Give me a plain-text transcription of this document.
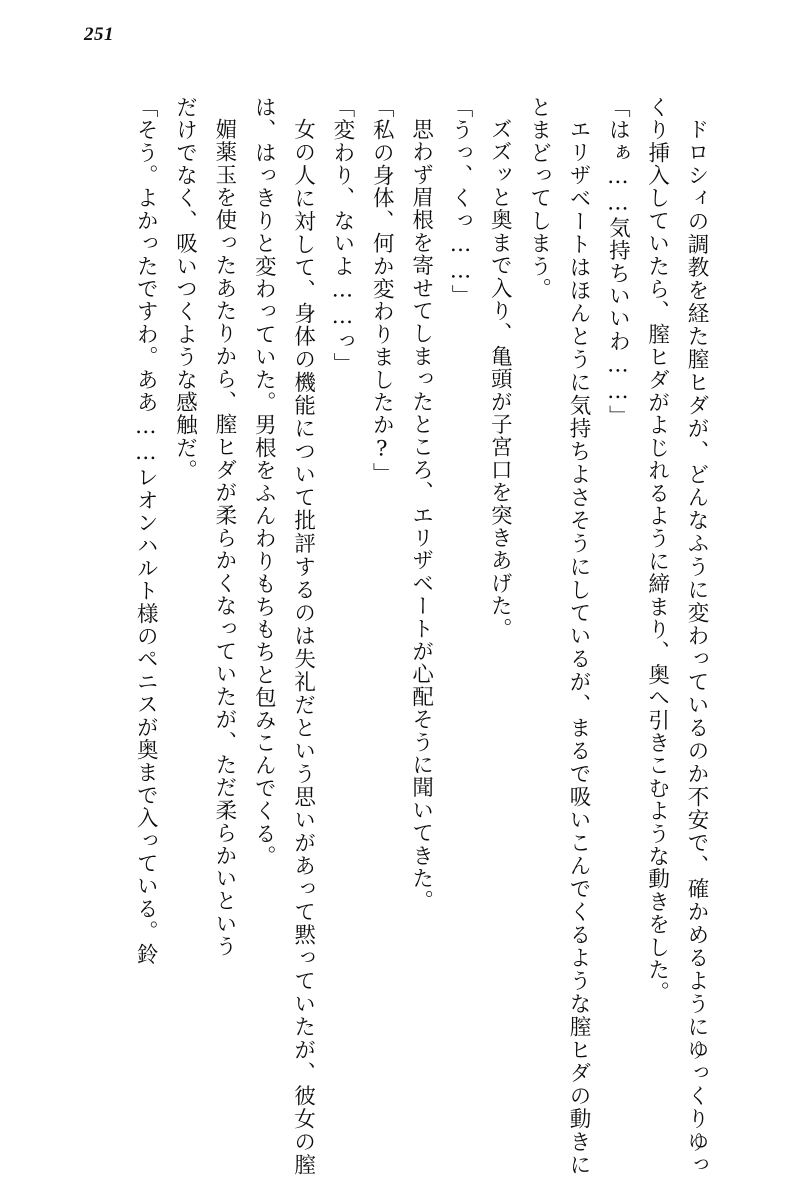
251

ドロシィの調教を経た膣ヒダが、どんなふうに変わっているのか不安で、確かめるようにゆっくりゆっくり挿入していたら、膣ヒダがよじれるように締まり、奥へ引きこむような動きをした。

「はぁ……気持ちいいわ……」

エリザベートはほんとうに気持ちよさそうにしているが、まるで吸いこんでくるような膣ヒダの動きにとまどってしまう。

ズズッと奥まで入り、亀頭が子宮口を突きあげた。

「うっ、くっ……」

思わず眉根を寄せてしまったところ、エリザベートが心配そうに聞いてきた。

「私の身体、何か変わりましたか?」

「変わり、ないよ……っ」

女の人に対して、身体の機能について批評するのは失礼だという思いがあって黙っていたが、彼女の膣は、はっきりと変わっていた。男根をふんわりもちもちと包みこんでくる。

媚薬玉を使ったあたりから、膣ヒダが柔らかくなっていたが、ただ柔らかいという

だけでなく、吸いつくような感触だ。

「そう。よかったですわ。ああ……レオンハルト様のペニスが奥まで入っている。鈴
